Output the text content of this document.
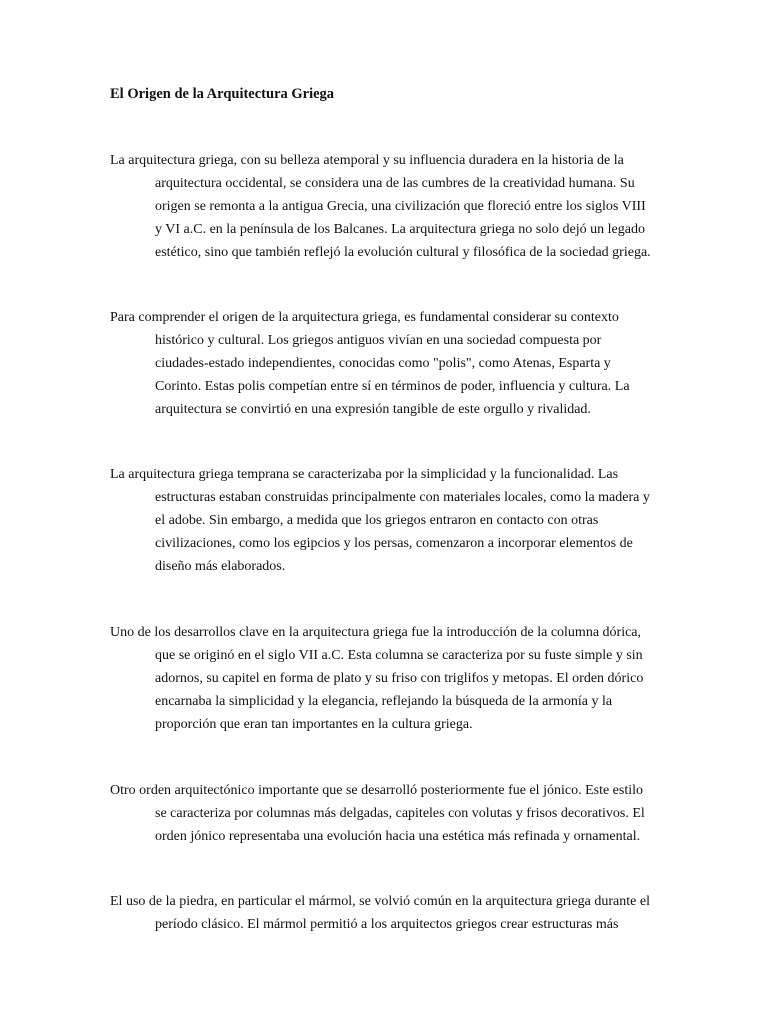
El Origen de la Arquitectura Griega

La arquitectura griega, con su belleza atemporal y su influencia duradera en la historia de la
arquitectura occidental, se considera una de las cumbres de la creatividad humana. Su
origen se remonta a la antigua Grecia, una civilización que floreció entre los siglos VIII
y VI a.C. en la península de los Balcanes. La arquitectura griega no solo dejó un legado
estético, sino que también reflejó la evolución cultural y filosófica de la sociedad griega.

Para comprender el origen de la arquitectura griega, es fundamental considerar su contexto
histórico y cultural. Los griegos antiguos vivían en una sociedad compuesta por
ciudades-estado independientes, conocidas como "polis", como Atenas, Esparta y
Corinto. Estas polis competían entre sí en términos de poder, influencia y cultura. La
arquitectura se convirtió en una expresión tangible de este orgullo y rivalidad.

La arquitectura griega temprana se caracterizaba por la simplicidad y la funcionalidad. Las
estructuras estaban construidas principalmente con materiales locales, como la madera y
el adobe. Sin embargo, a medida que los griegos entraron en contacto con otras
civilizaciones, como los egipcios y los persas, comenzaron a incorporar elementos de
diseño más elaborados.

Uno de los desarrollos clave en la arquitectura griega fue la introducción de la columna dórica,
que se originó en el siglo VII a.C. Esta columna se caracteriza por su fuste simple y sin
adornos, su capitel en forma de plato y su friso con triglifos y metopas. El orden dórico
encarnaba la simplicidad y la elegancia, reflejando la búsqueda de la armonía y la
proporción que eran tan importantes en la cultura griega.

Otro orden arquitectónico importante que se desarrolló posteriormente fue el jónico. Este estilo
se caracteriza por columnas más delgadas, capiteles con volutas y frisos decorativos. El
orden jónico representaba una evolución hacia una estética más refinada y ornamental.

El uso de la piedra, en particular el mármol, se volvió común en la arquitectura griega durante el
período clásico. El mármol permitió a los arquitectos griegos crear estructuras más
